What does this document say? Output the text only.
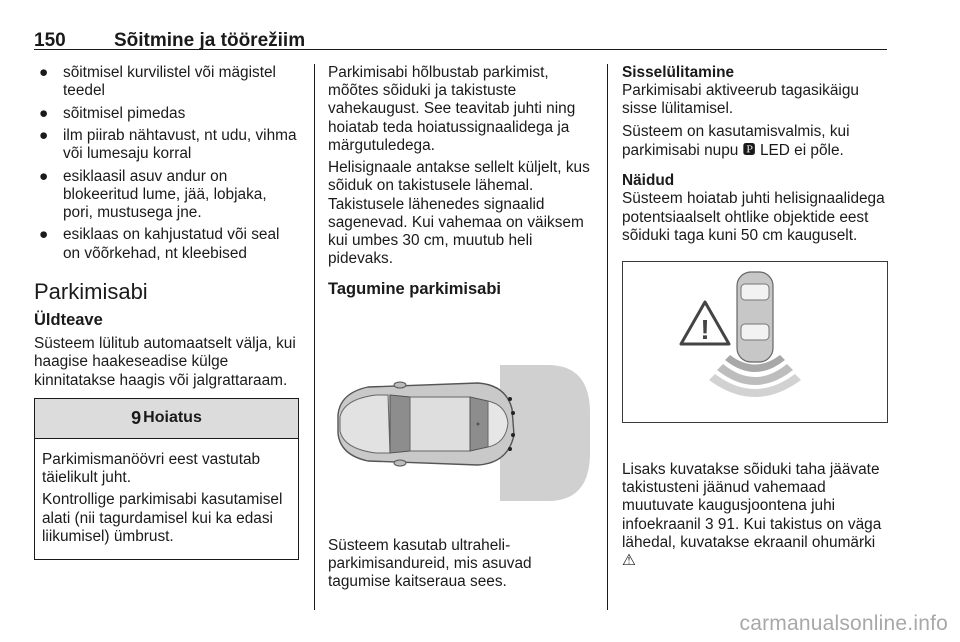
150	Sõitmine ja töörežiim
● sõitmisel kurvilistel või mägistel teedel
● sõitmisel pimedas
● ilm piirab nähtavust, nt udu, vihma või lumesaju korral
● esiklaasil asuv andur on blokeeritud lume, jää, lobjaka, pori, mustusega jne.
● esiklaas on kahjustatud või seal on võõrkehad, nt kleebised
Parkimisabi
Üldteave

Süsteem lülitub automaatselt välja, kui haagise haakeseadise külge kinnitatakse haagis või jalgrattaraam.

9 Hoiatus

Parkimismanöövri eest vastutab täielikult juht.

Kontrollige parkimisabi kasutamisel alati (nii tagurdamisel kui ka edasi liikumisel) ümbrust.

Parkimisabi hõlbustab parkimist, mõõtes sõiduki ja takistuste vahekaugust. See teavitab juhti ning hoiatab teda hoiatussignaalidega ja märgutuledega.

Helisignaale antakse sellelt küljelt, kus sõiduk on takistusele lähemal. Takistusele lähenedes signaalid sagenevad. Kui vahemaa on väiksem kui umbes 30 cm, muutub heli pidevaks.

Tagumine parkimisabi

Süsteem kasutab ultraheli-parkimisandureid, mis asuvad tagumise kaitseraua sees.

Sisselülitamine

Parkimisabi aktiveerub tagasikäigu sisse lülitamisel.

Süsteem on kasutamisvalmis, kui parkimisabi nupu 🅿 LED ei põle.

Näidud

Süsteem hoiatab juhti helisignaalidega potentsiaalselt ohtlike objektide eest sõiduki taga kuni 50 cm kauguselt.

!

Lisaks kuvatakse sõiduki taha jäävate takistusteni jäänud vahemaad muutuvate kaugusjoontena juhi infoekraanil 3 91. Kui takistus on väga lähedal, kuvatakse ekraanil ohumärki ⚠

carmanualsonline.info
